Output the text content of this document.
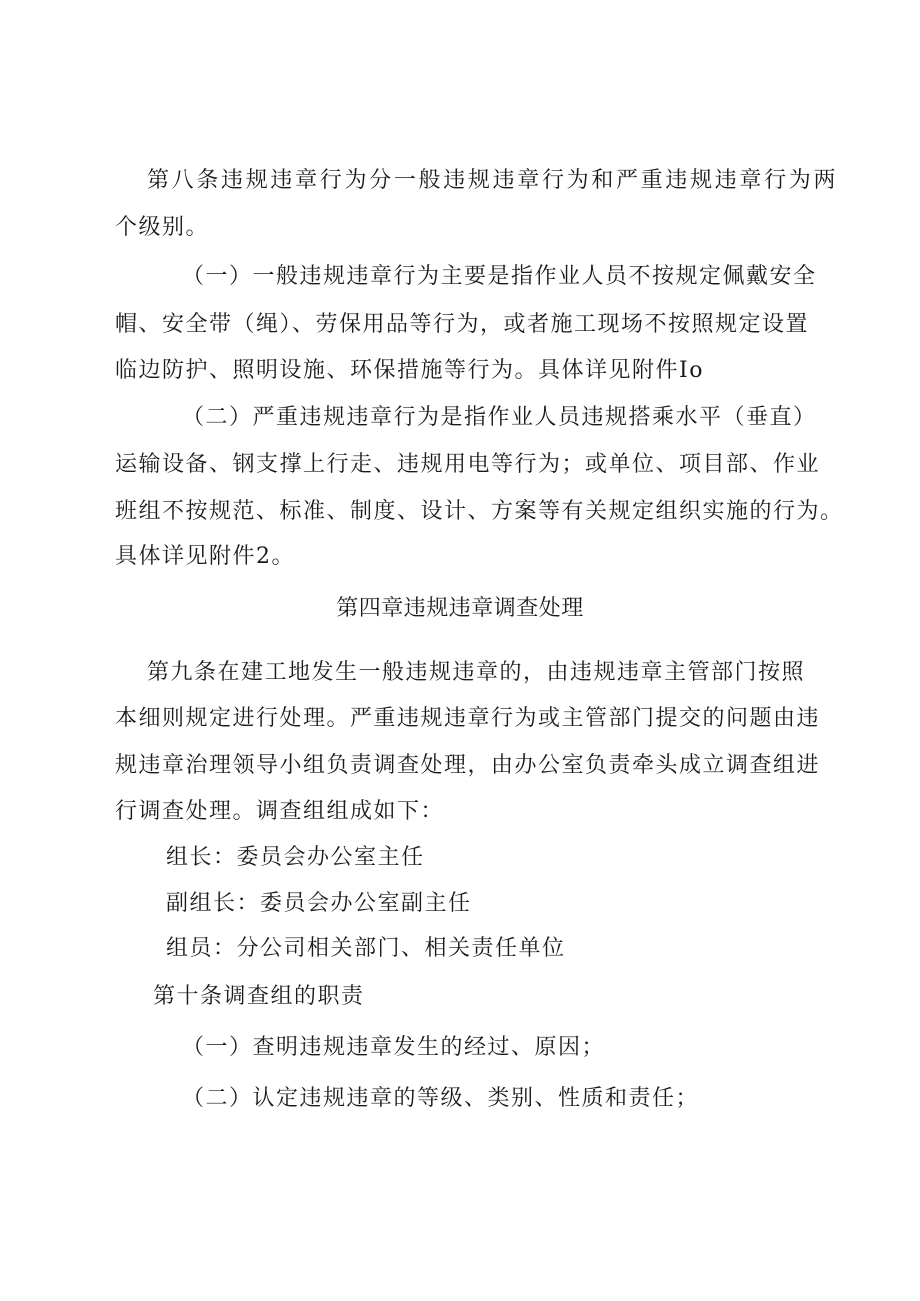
第八条违规违章行为分一般违规违章行为和严重违规违章行为两
个级别。
（一）一般违规违章行为主要是指作业人员不按规定佩戴安全
帽、安全带（绳）、劳保用品等行为，或者施工现场不按照规定设置
临边防护、照明设施、环保措施等行为。具体详见附件Io
（二）严重违规违章行为是指作业人员违规搭乘水平（垂直）
运输设备、钢支撑上行走、违规用电等行为；或单位、项目部、作业
班组不按规范、标准、制度、设计、方案等有关规定组织实施的行为。
具体详见附件2。
第四章违规违章调查处理
第九条在建工地发生一般违规违章的，由违规违章主管部门按照
本细则规定进行处理。严重违规违章行为或主管部门提交的问题由违
规违章治理领导小组负责调查处理，由办公室负责牵头成立调查组进
行调查处理。调查组组成如下：
组长：委员会办公室主任
副组长：委员会办公室副主任
组员：分公司相关部门、相关责任单位
第十条调查组的职责
（一）查明违规违章发生的经过、原因；
（二）认定违规违章的等级、类别、性质和责任；
